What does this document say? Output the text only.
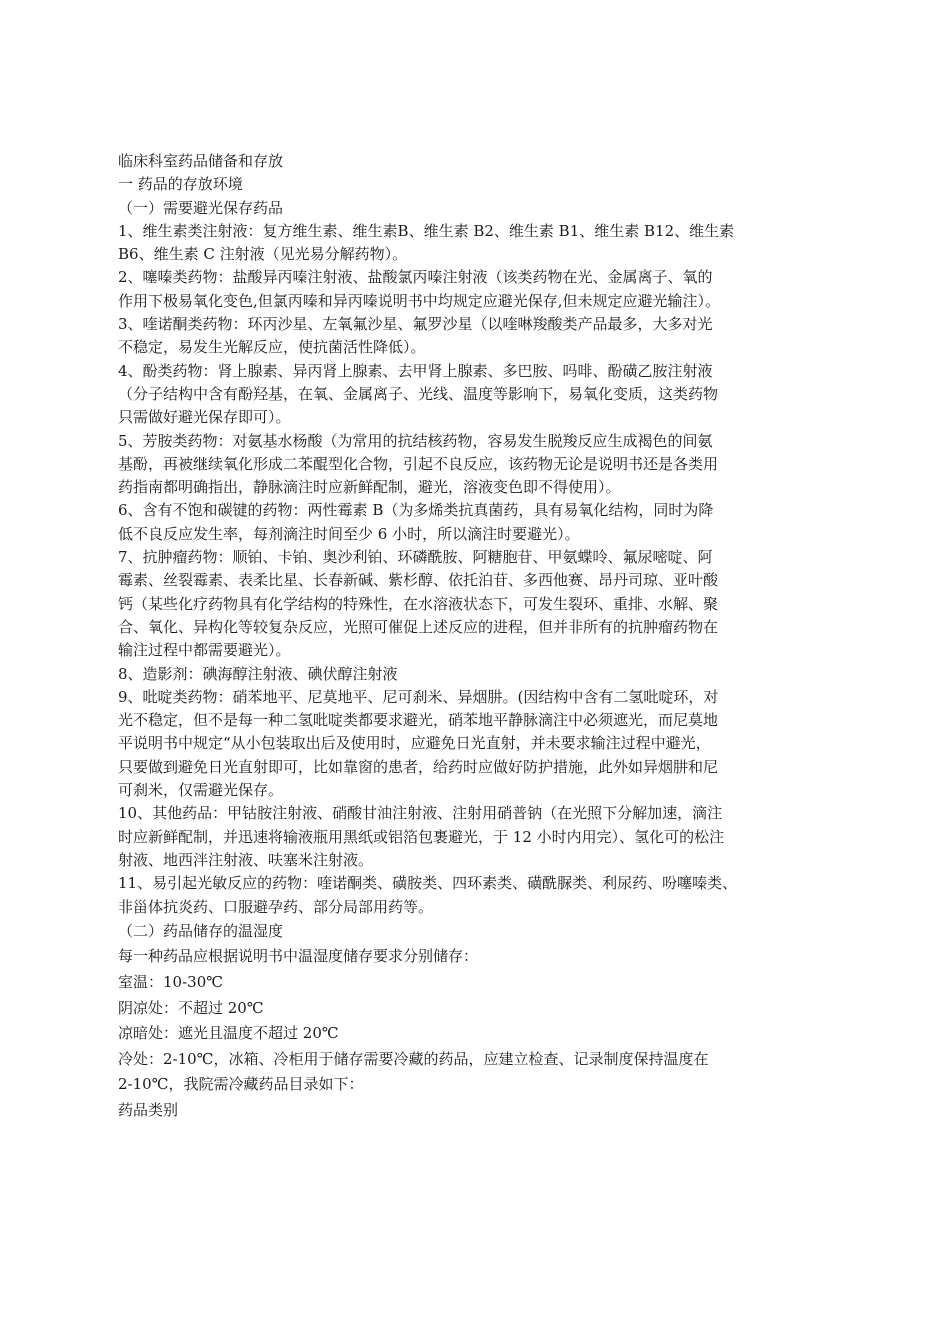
临床科室药品储备和存放
一 药品的存放环境
（一）需要避光保存药品
1、维生素类注射液：复方维生素、维生素B、维生素 B2、维生素 B1、维生素 B12、维生素
B6、维生素 C 注射液（见光易分解药物）。
2、噻嗪类药物：盐酸异丙嗪注射液、盐酸氯丙嗪注射液（该类药物在光、金属离子、氧的
作用下极易氧化变色,但氯丙嗪和异丙嗪说明书中均规定应避光保存,但未规定应避光输注）。
3、喹诺酮类药物：环丙沙星、左氧氟沙星、氟罗沙星（以喹啉羧酸类产品最多，大多对光
不稳定，易发生光解反应，使抗菌活性降低）。
4、酚类药物：肾上腺素、异丙肾上腺素、去甲肾上腺素、多巴胺、吗啡、酚磺乙胺注射液
（分子结构中含有酚羟基，在氧、金属离子、光线、温度等影响下，易氧化变质，这类药物
只需做好避光保存即可）。
5、芳胺类药物：对氨基水杨酸（为常用的抗结核药物，容易发生脱羧反应生成褐色的间氨
基酚，再被继续氧化形成二苯醌型化合物，引起不良反应，该药物无论是说明书还是各类用
药指南都明确指出，静脉滴注时应新鲜配制，避光，溶液变色即不得使用）。
6、含有不饱和碳键的药物：两性霉素 B（为多烯类抗真菌药，具有易氧化结构，同时为降
低不良反应发生率，每剂滴注时间至少 6 小时，所以滴注时要避光）。
7、抗肿瘤药物：顺铂、卡铂、奥沙利铂、环磷酰胺、阿糖胞苷、甲氨蝶呤、氟尿嘧啶、阿
霉素、丝裂霉素、表柔比星、长春新碱、紫杉醇、依托泊苷、多西他赛、昂丹司琼、亚叶酸
钙（某些化疗药物具有化学结构的特殊性，在水溶液状态下，可发生裂环、重排、水解、聚
合、氧化、异构化等较复杂反应，光照可催促上述反应的进程，但并非所有的抗肿瘤药物在
输注过程中都需要避光）。
8、造影剂：碘海醇注射液、碘伏醇注射液
9、吡啶类药物：硝苯地平、尼莫地平、尼可刹米、异烟肼。(因结构中含有二氢吡啶环，对
光不稳定，但不是每一种二氢吡啶类都要求避光，硝苯地平静脉滴注中必须遮光，而尼莫地
平说明书中规定“从小包装取出后及使用时，应避免日光直射，并未要求输注过程中避光，
只要做到避免日光直射即可，比如靠窗的患者，给药时应做好防护措施，此外如异烟肼和尼
可刹米，仅需避光保存。
10、其他药品：甲钴胺注射液、硝酸甘油注射液、注射用硝普钠（在光照下分解加速，滴注
时应新鲜配制，并迅速将输液瓶用黑纸或铝箔包裹避光，于 12 小时内用完）、氢化可的松注
射液、地西泮注射液、呋塞米注射液。
11、易引起光敏反应的药物：喹诺酮类、磺胺类、四环素类、磺酰脲类、利尿药、吩噻嗪类、
非甾体抗炎药、口服避孕药、部分局部用药等。
（二）药品储存的温湿度
每一种药品应根据说明书中温湿度储存要求分别储存：
室温：10-30℃
阴凉处：不超过 20℃
凉暗处：遮光且温度不超过 20℃
冷处：2-10℃，冰箱、冷柜用于储存需要冷藏的药品，应建立检查、记录制度保持温度在
2-10℃，我院需冷藏药品目录如下：
药品类别
